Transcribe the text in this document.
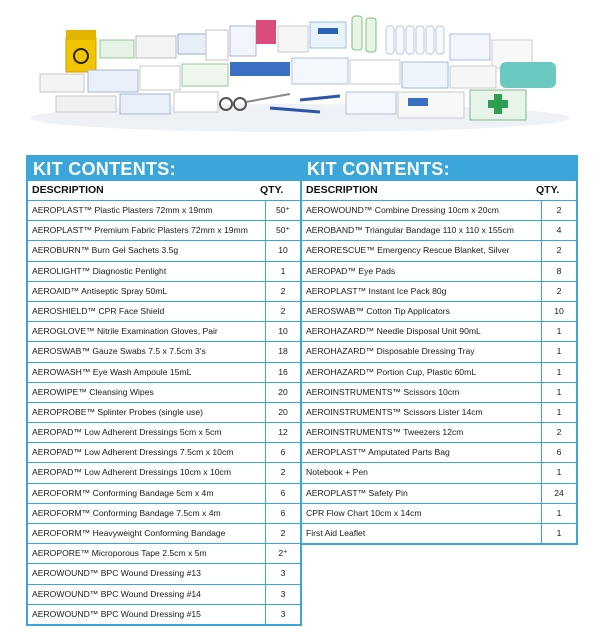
KIT CONTENTS:
DESCRIPTION	QTY.
AEROPLAST™ Plastic Plasters 72mm x 19mm	50⁺
AEROPLAST™ Premium Fabric Plasters 72mm x 19mm	50⁺
AEROBURN™ Burn Gel Sachets 3.5g	10
AEROLIGHT™ Diagnostic Penlight	1
AEROAID™ Antiseptic Spray 50mL	2
AEROSHIELD™ CPR Face Shield	2
AEROGLOVE™ Nitrile Examination Gloves, Pair	10
AEROSWAB™ Gauze Swabs 7.5 x 7.5cm 3's	18
AEROWASH™ Eye Wash Ampoule 15mL	16
AEROWIPE™ Cleansing Wipes	20
AEROPROBE™ Splinter Probes (single use)	20
AEROPAD™ Low Adherent Dressings 5cm x 5cm	12
AEROPAD™ Low Adherent Dressings 7.5cm x 10cm	6
AEROPAD™ Low Adherent Dressings 10cm x 10cm	2
AEROFORM™ Conforming Bandage 5cm x 4m	6
AEROFORM™ Conforming Bandage 7.5cm x 4m	6
AEROFORM™ Heavyweight Conforming Bandage	2
AEROPORE™ Microporous Tape 2.5cm x 5m	2⁺
AEROWOUND™ BPC Wound Dressing #13	3
AEROWOUND™ BPC Wound Dressing #14	3
AEROWOUND™ BPC Wound Dressing #15	3
KIT CONTENTS:
DESCRIPTION	QTY.
AEROWOUND™ Combine Dressing 10cm x 20cm	2
AEROBAND™ Triangular Bandage 110 x 110 x 155cm	4
AERORESCUE™ Emergency Rescue Blanket, Silver	2
AEROPAD™ Eye Pads	8
AEROPLAST™ Instant Ice Pack 80g	2
AEROSWAB™ Cotton Tip Applicators	10
AEROHAZARD™ Needle Disposal Unit 90mL	1
AEROHAZARD™ Disposable Dressing Tray	1
AEROHAZARD™ Portion Cup, Plastic 60mL	1
AEROINSTRUMENTS™ Scissors 10cm	1
AEROINSTRUMENTS™ Scissors Lister 14cm	1
AEROINSTRUMENTS™ Tweezers 12cm	2
AEROPLAST™ Amputated Parts Bag	6
Notebook + Pen	1
AEROPLAST™ Safety Pin	24
CPR Flow Chart 10cm x 14cm	1
First Aid Leaflet	1
